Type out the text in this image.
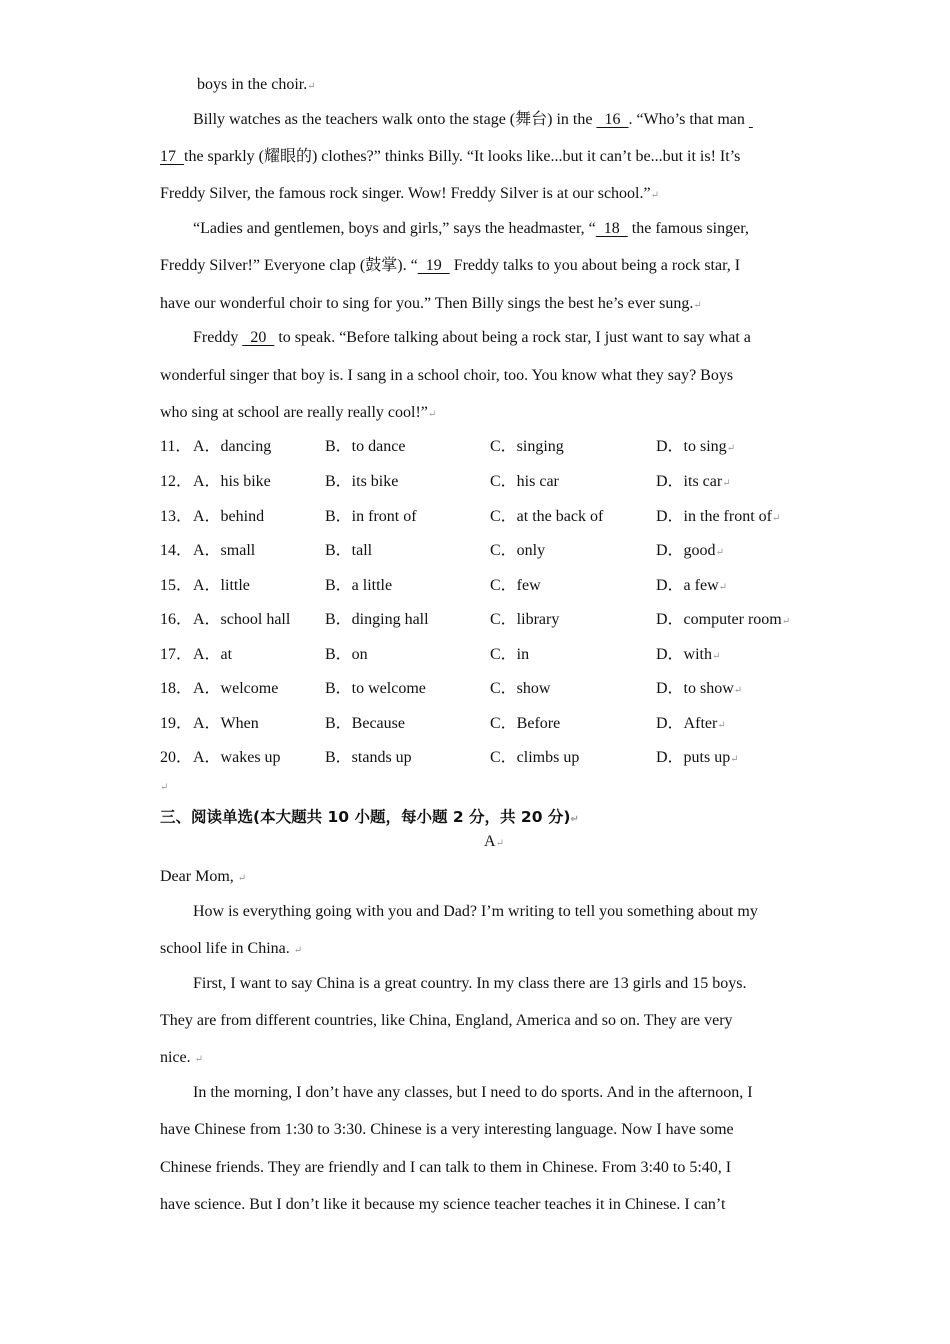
boys in the choir.↵
Billy watches as the teachers walk onto the stage (舞台) in the   16  . “Who’s that man
17  the sparkly (耀眼的) clothes?” thinks Billy. “It looks like...but it can’t be...but it is! It’s
Freddy Silver, the famous rock singer. Wow! Freddy Silver is at our school.”↵
“Ladies and gentlemen, boys and girls,” says the headmaster, “  18   the famous singer,
Freddy Silver!” Everyone clap (鼓掌). “  19   Freddy talks to you about being a rock star, I
have our wonderful choir to sing for you.” Then Billy sings the best he’s ever sung.↵
Freddy   20   to speak. “Before talking about being a rock star, I just want to say what a
wonderful singer that boy is. I sang in a school choir, too. You know what they say? Boys
who sing at school are really really cool!”↵
11． A．dancing	B．to dance	C．singing	D．to sing↵
12． A．his bike	B．its bike	C．his car	D．its car↵
13． A．behind	B．in front of	C．at the back of	D．in the front of↵
14． A．small	B．tall	C．only	D．good↵
15． A．little	B．a little	C．few	D．a few↵
16． A．school hall B．dinging hall	C．library	D．computer room↵
17． A．at	B．on	C．in	D．with↵
18． A．welcome	B．to welcome	C．show	D．to show↵
19． A．When	B．Because	C．Before	D．After↵
20． A．wakes up	B．stands up	C．climbs up	D．puts up↵
↵
三、阅读单选(本大题共 10 小题，每小题 2 分，共 20 分)↵
A↵
Dear Mom, ↵
How is everything going with you and Dad? I’m writing to tell you something about my
school life in China. ↵
First, I want to say China is a great country. In my class there are 13 girls and 15 boys.
They are from different countries, like China, England, America and so on. They are very
nice. ↵
In the morning, I don’t have any classes, but I need to do sports. And in the afternoon, I
have Chinese from 1:30 to 3:30. Chinese is a very interesting language. Now I have some
Chinese friends. They are friendly and I can talk to them in Chinese. From 3:40 to 5:40, I
have science. But I don’t like it because my science teacher teaches it in Chinese. I can’t
